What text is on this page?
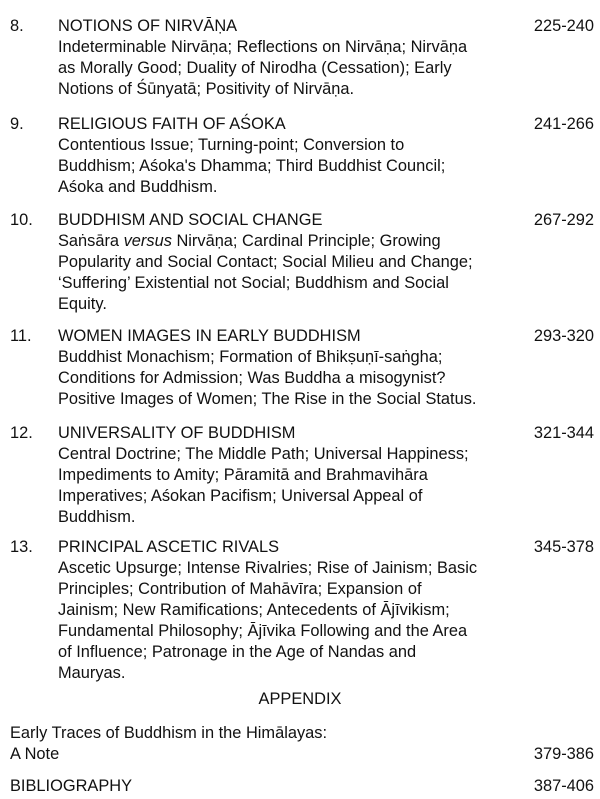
8. NOTIONS OF NIRVĀṆA	225-240

Indeterminable Nirvāṇa; Reflections on Nirvāṇa; Nirvāṇa

as Morally Good; Duality of Nirodha (Cessation); Early

Notions of Śūnyatā; Positivity of Nirvāṇa.

9. RELIGIOUS FAITH OF AŚOKA	241-266

Contentious Issue; Turning-point; Conversion to

Buddhism; Aśoka's Dhamma; Third Buddhist Council;

Aśoka and Buddhism.

10. BUDDHISM AND SOCIAL CHANGE	267-292

Saṅsāra versus Nirvāṇa; Cardinal Principle; Growing

Popularity and Social Contact; Social Milieu and Change;

‘Suffering’ Existential not Social; Buddhism and Social

Equity.

11. WOMEN IMAGES IN EARLY BUDDHISM	293-320

Buddhist Monachism; Formation of Bhikṣuṇī-saṅgha;

Conditions for Admission; Was Buddha a misogynist?

Positive Images of Women; The Rise in the Social Status.

12. UNIVERSALITY OF BUDDHISM	321-344

Central Doctrine; The Middle Path; Universal Happiness;

Impediments to Amity; Pāramitā and Brahmavihāra

Imperatives; Aśokan Pacifism; Universal Appeal of

Buddhism.

13. PRINCIPAL ASCETIC RIVALS	345-378

Ascetic Upsurge; Intense Rivalries; Rise of Jainism; Basic

Principles; Contribution of Mahāvīra; Expansion of

Jainism; New Ramifications; Antecedents of Ājīvikism;

Fundamental Philosophy; Ājīvika Following and the Area

of Influence; Patronage in the Age of Nandas and

Mauryas.

APPENDIX
Early Traces of Buddhism in the Himālayas:
A Note	379-386
BIBLIOGRAPHY	387-406
